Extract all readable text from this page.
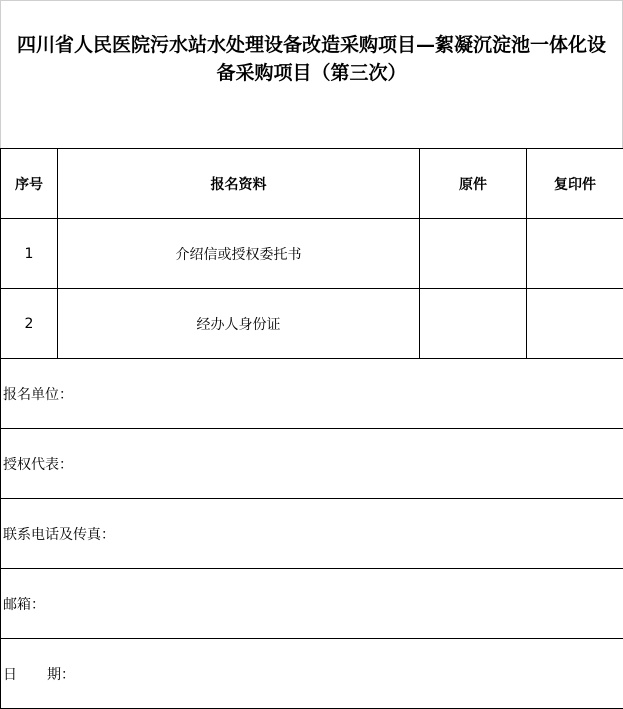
四川省人民医院污水站水处理设备改造采购项目—絮凝沉淀池一体化设备采购项目（第三次）
序号	报名资料	原件	复印件
1	介绍信或授权委托书		
2	经办人身份证		
报名单位：			
授权代表：			
联系电话及传真：			
邮箱：			
日 期：			
